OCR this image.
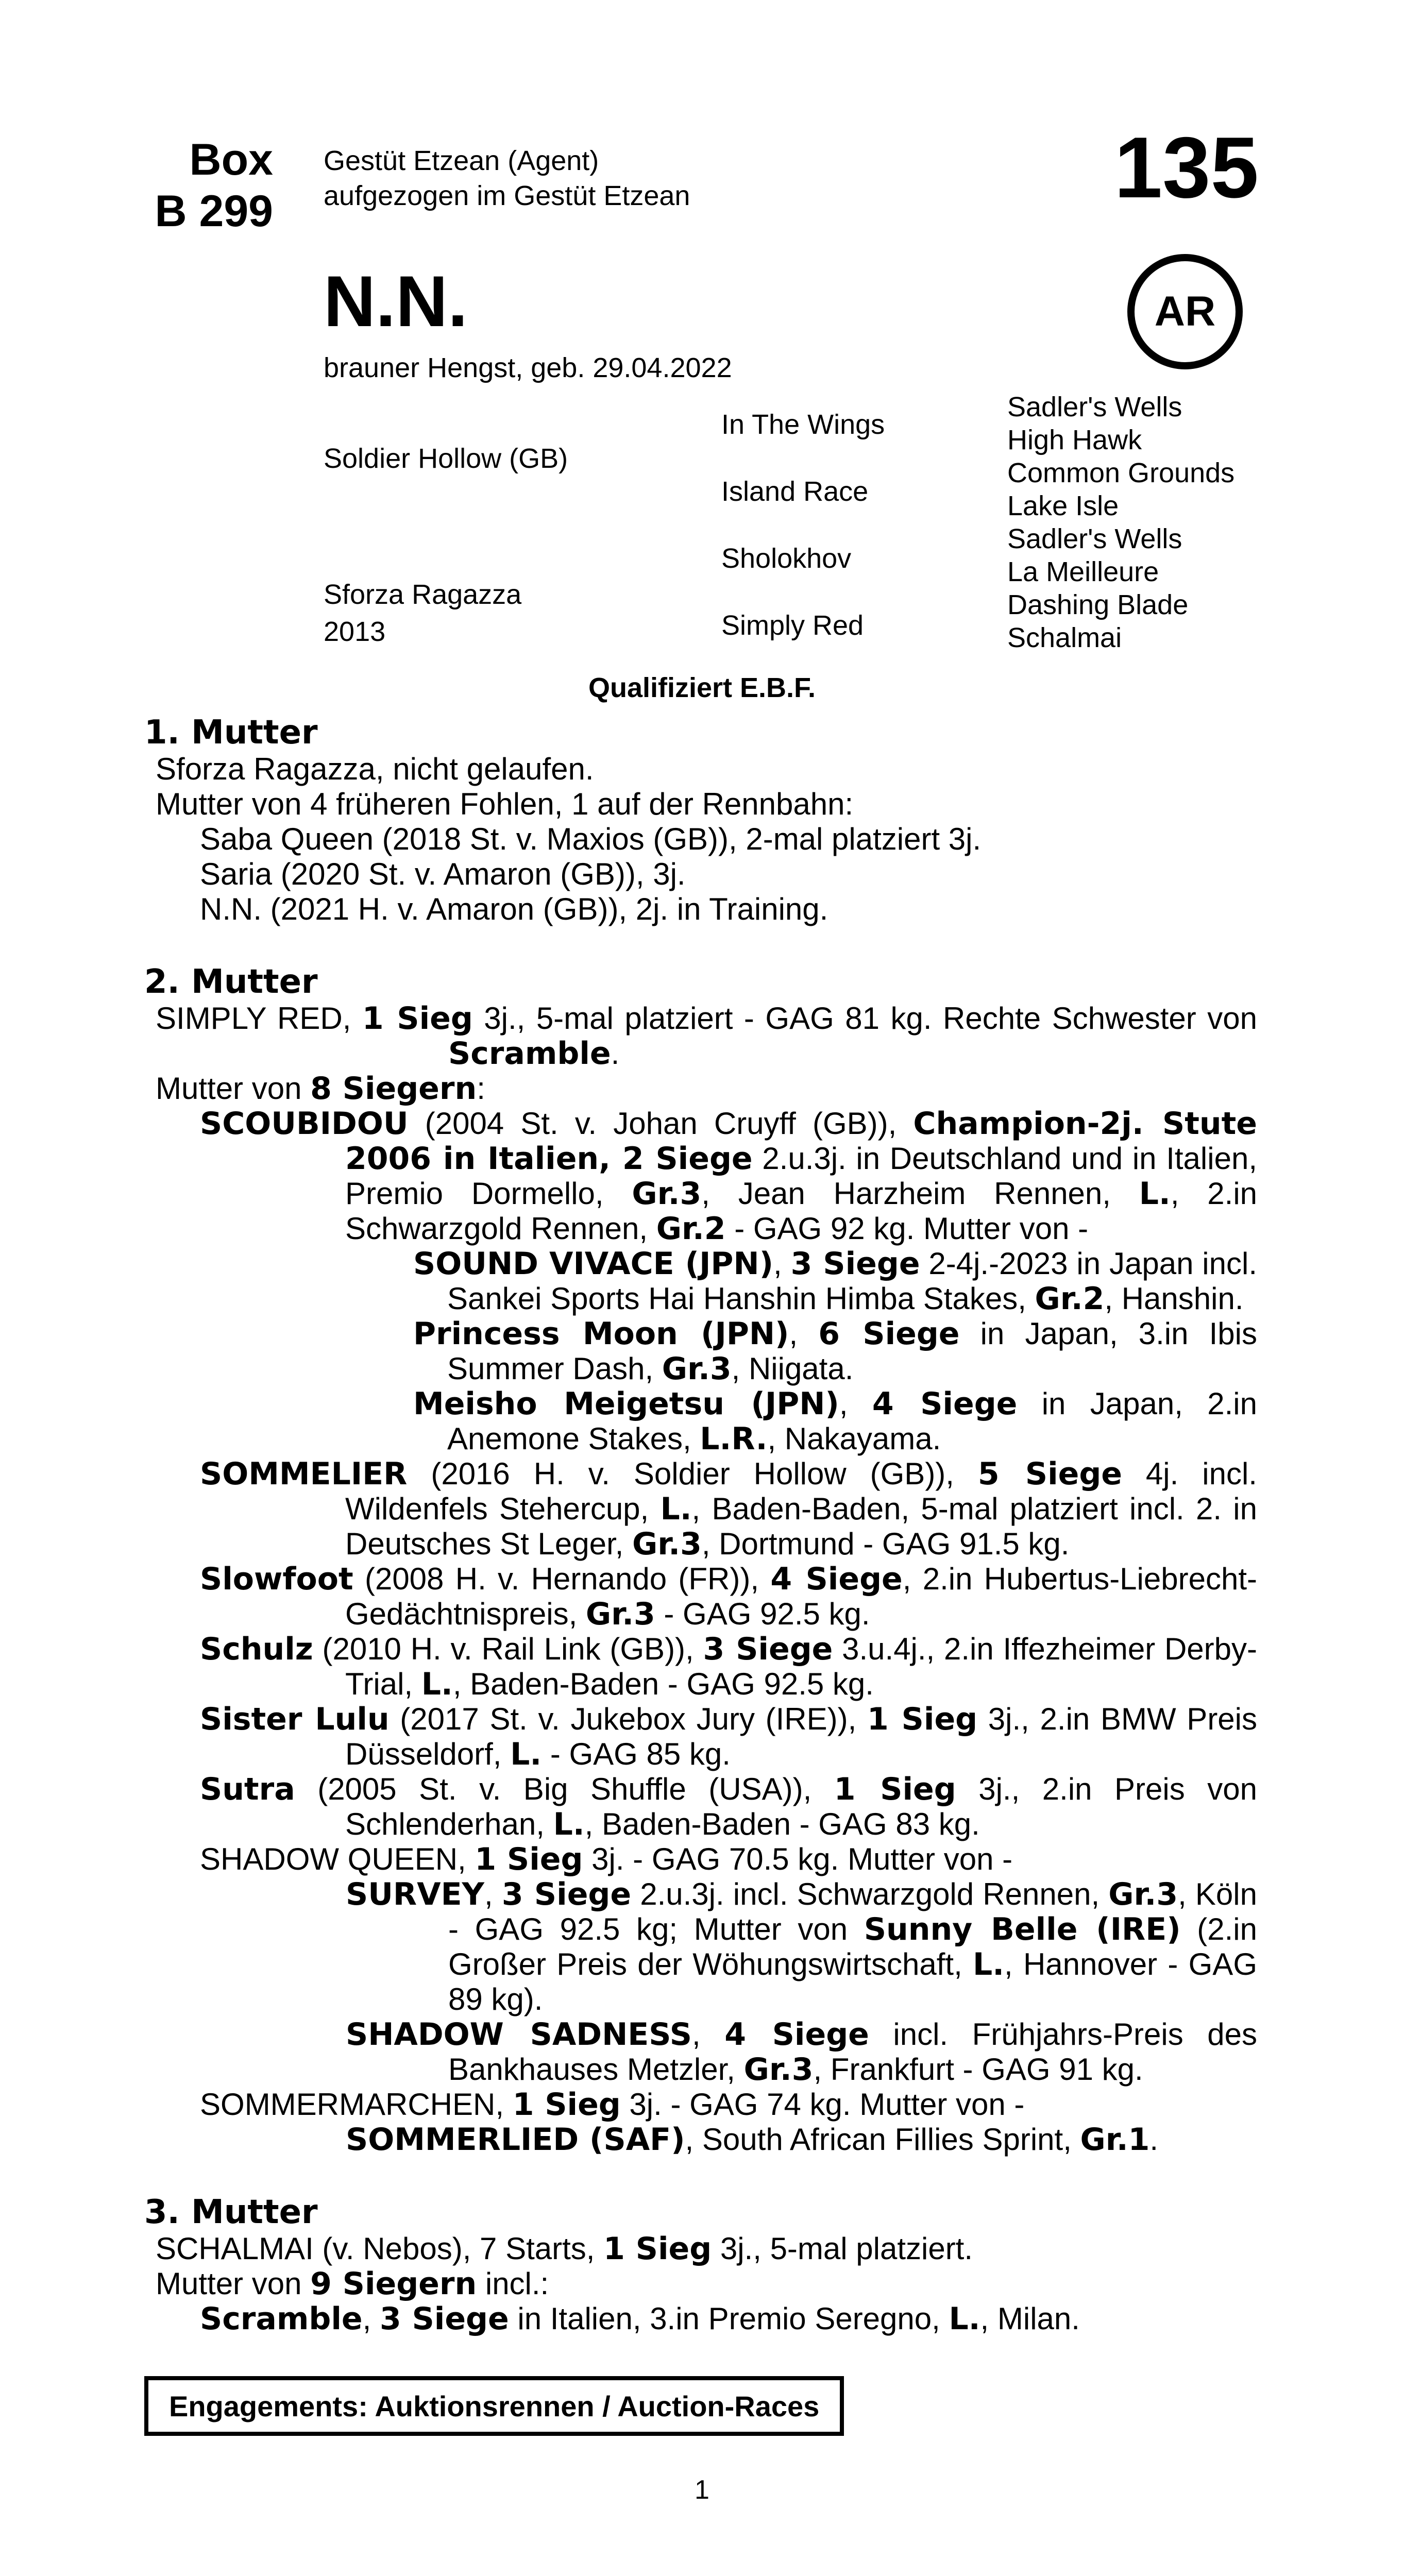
Box
B 299
Gestüt Etzean (Agent)
aufgezogen im Gestüt Etzean	135
AR
N.N.
brauner Hengst, geb. 29.04.2022
Soldier Hollow (GB)
Sforza Ragazza
2013
In The Wings
Island Race
Sholokhov
Simply Red
Sadler's Wells
High Hawk
Common Grounds
Lake Isle
Sadler's Wells
La Meilleure
Dashing Blade
Schalmai
Qualifiziert E.B.F.
1. Mutter
Sforza Ragazza, nicht gelaufen.
Mutter von 4 früheren Fohlen, 1 auf der Rennbahn:
Saba Queen (2018 St. v. Maxios (GB)), 2-mal platziert 3j.
Saria (2020 St. v. Amaron (GB)), 3j.
N.N. (2021 H. v. Amaron (GB)), 2j. in Training.
2. Mutter
SIMPLY RED, 1 Sieg 3j., 5-mal platziert - GAG 81 kg. Rechte Schwester von Scramble.
Mutter von 8 Siegern:
SCOUBIDOU (2004 St. v. Johan Cruyff (GB)), Champion-2j. Stute 2006 in Italien, 2 Siege 2.u.3j. in Deutschland und in Italien, Premio Dormello, Gr.3, Jean Harzheim Rennen, L., 2.in Schwarzgold Rennen, Gr.2 - GAG 92 kg. Mutter von -
SOUND VIVACE (JPN), 3 Siege 2-4j.-2023 in Japan incl. Sankei Sports Hai Hanshin Himba Stakes, Gr.2, Hanshin.
Princess Moon (JPN), 6 Siege in Japan, 3.in Ibis Summer Dash, Gr.3, Niigata.
Meisho Meigetsu (JPN), 4 Siege in Japan, 2.in Anemone Stakes, L.R., Nakayama.
SOMMELIER (2016 H. v. Soldier Hollow (GB)), 5 Siege 4j. incl. Wildenfels Stehercup, L., Baden-Baden, 5-mal platziert incl. 2. in Deutsches St Leger, Gr.3, Dortmund - GAG 91.5 kg.
Slowfoot (2008 H. v. Hernando (FR)), 4 Siege, 2.in Hubertus-Liebrecht-Gedächtnispreis, Gr.3 - GAG 92.5 kg.
Schulz (2010 H. v. Rail Link (GB)), 3 Siege 3.u.4j., 2.in Iffezheimer Derby-Trial, L., Baden-Baden - GAG 92.5 kg.
Sister Lulu (2017 St. v. Jukebox Jury (IRE)), 1 Sieg 3j., 2.in BMW Preis Düsseldorf, L. - GAG 85 kg.
Sutra (2005 St. v. Big Shuffle (USA)), 1 Sieg 3j., 2.in Preis von Schlenderhan, L., Baden-Baden - GAG 83 kg.
SHADOW QUEEN, 1 Sieg 3j. - GAG 70.5 kg. Mutter von -
SURVEY, 3 Siege 2.u.3j. incl. Schwarzgold Rennen, Gr.3, Köln - GAG 92.5 kg; Mutter von Sunny Belle (IRE) (2.in Großer Preis der Wöhungswirtschaft, L., Hannover - GAG 89 kg).
SHADOW SADNESS, 4 Siege incl. Frühjahrs-Preis des Bankhauses Metzler, Gr.3, Frankfurt - GAG 91 kg.
SOMMERMARCHEN, 1 Sieg 3j. - GAG 74 kg. Mutter von -
SOMMERLIED (SAF), South African Fillies Sprint, Gr.1.
3. Mutter
SCHALMAI (v. Nebos), 7 Starts, 1 Sieg 3j., 5-mal platziert.
Mutter von 9 Siegern incl.:
Scramble, 3 Siege in Italien, 3.in Premio Seregno, L., Milan.
Engagements: Auktionsrennen / Auction-Races
1
